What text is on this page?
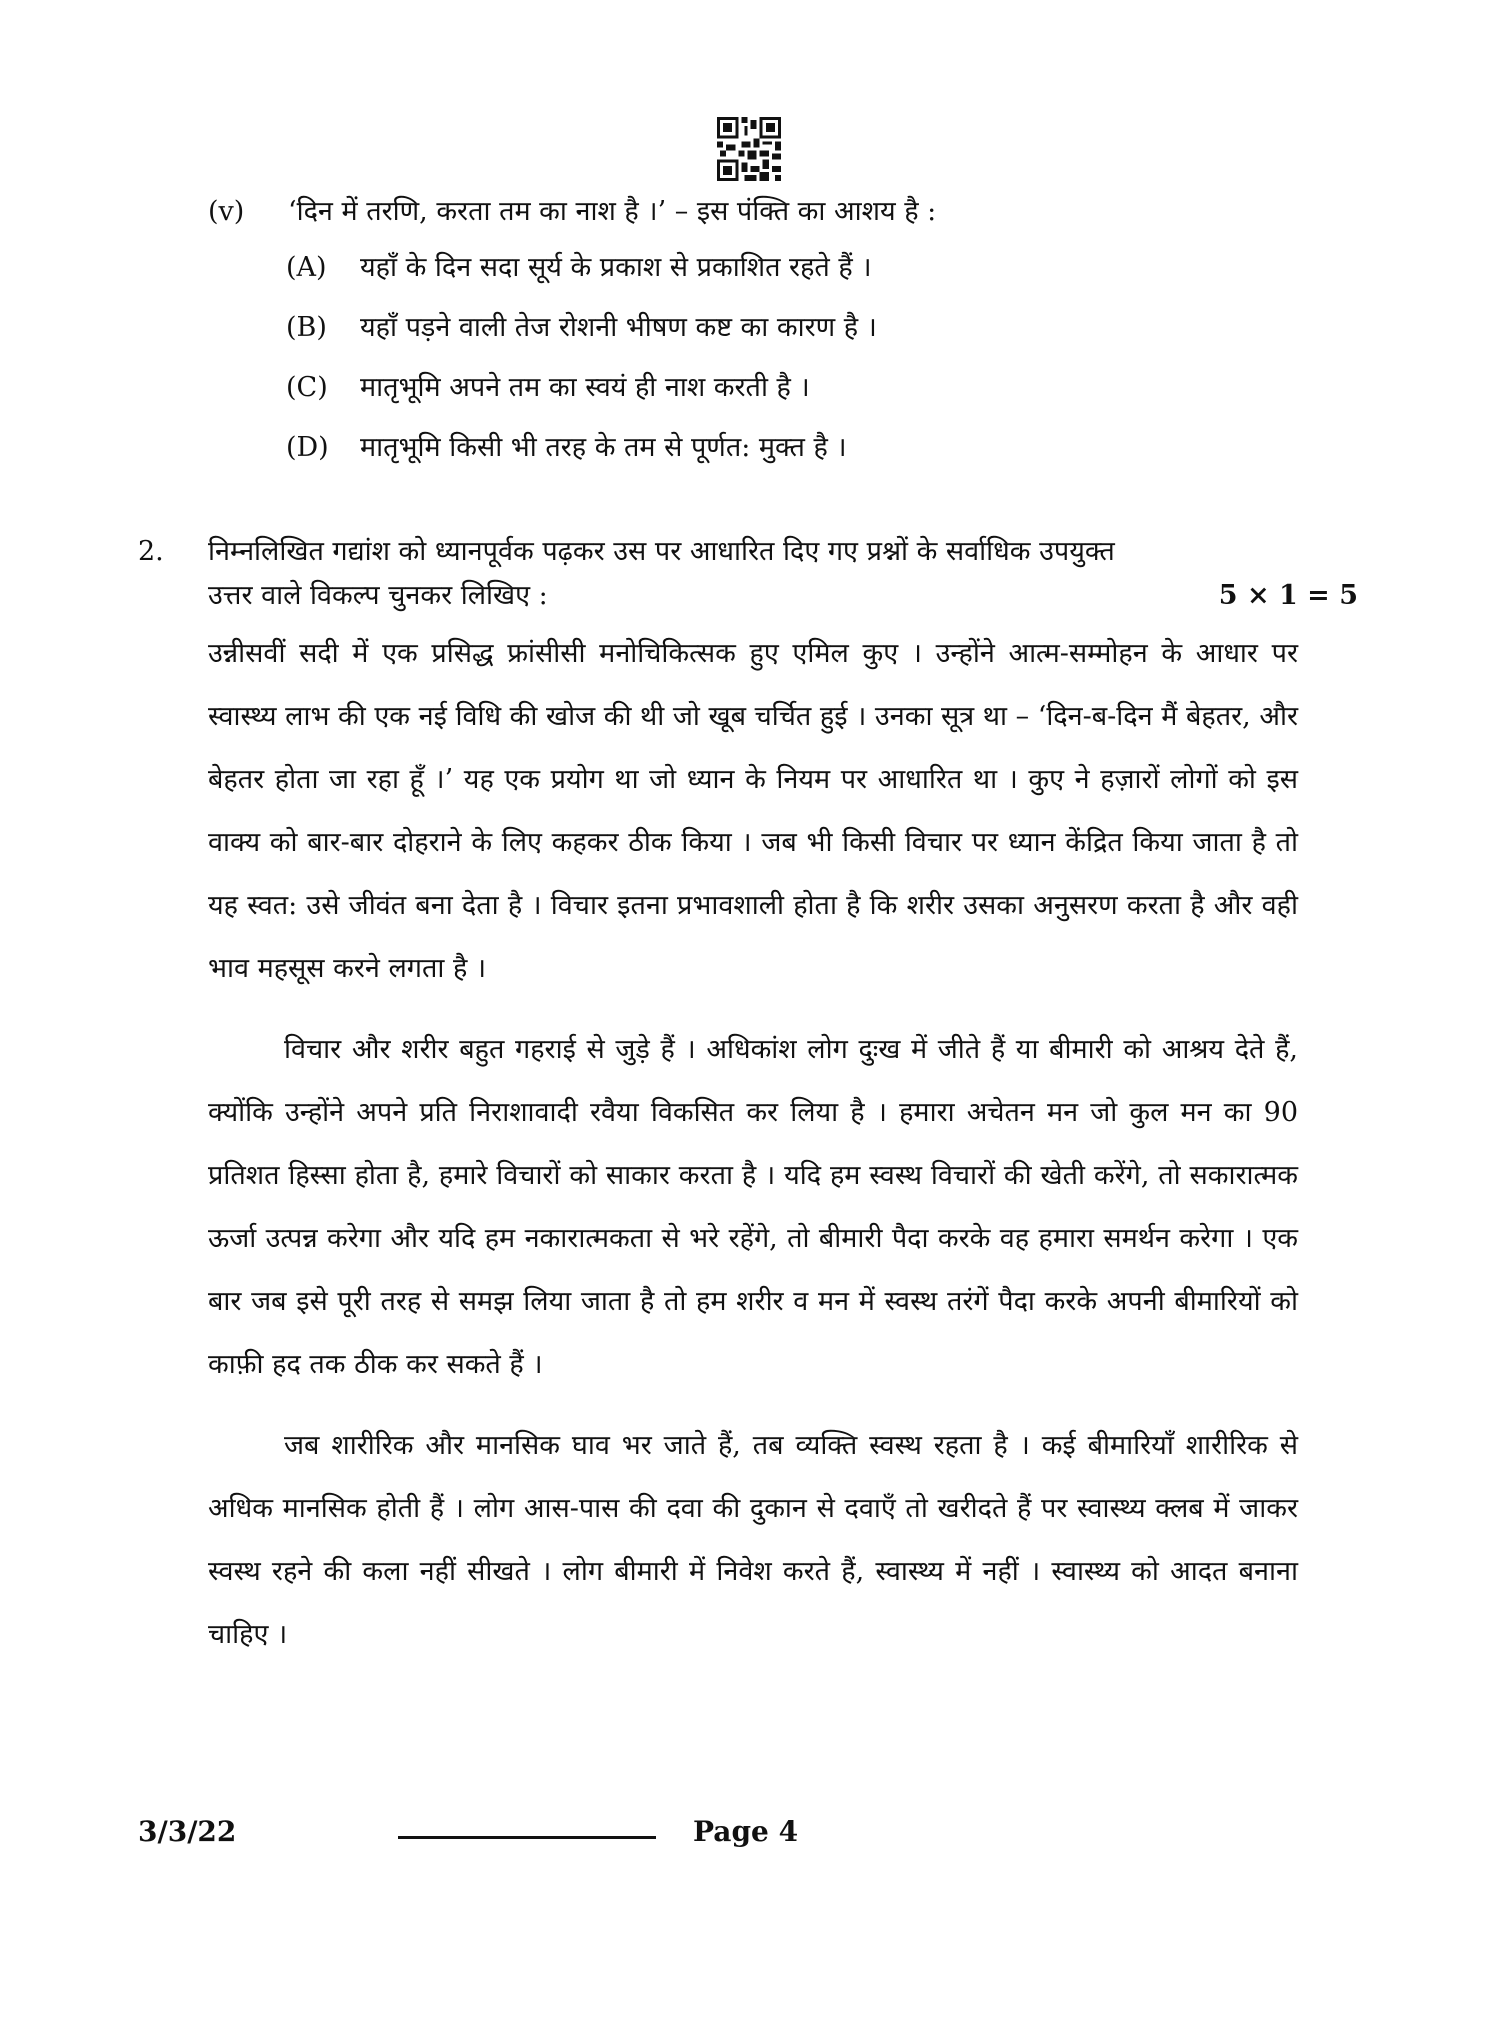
(v) ‘दिन में तरणि, करता तम का नाश है ।’ – इस पंक्ति का आशय है :
(A) यहाँ के दिन सदा सूर्य के प्रकाश से प्रकाशित रहते हैं ।
(B) यहाँ पड़ने वाली तेज रोशनी भीषण कष्ट का कारण है ।
(C) मातृभूमि अपने तम का स्वयं ही नाश करती है ।
(D) मातृभूमि किसी भी तरह के तम से पूर्णत: मुक्त है ।
2. निम्नलिखित गद्यांश को ध्यानपूर्वक पढ़कर उस पर आधारित दिए गए प्रश्नों के सर्वाधिक उपयुक्त
उत्तर वाले विकल्प चुनकर लिखिए :	5 × 1 = 5

उन्नीसवीं सदी में एक प्रसिद्ध फ्रांसीसी मनोचिकित्सक हुए एमिल कुए । उन्होंने आत्म-सम्मोहन के आधार पर स्वास्थ्य लाभ की एक नई विधि की खोज की थी जो खूब चर्चित हुई । उनका सूत्र था – ‘दिन-ब-दिन मैं बेहतर, और बेहतर होता जा रहा हूँ ।’ यह एक प्रयोग था जो ध्यान के नियम पर आधारित था । कुए ने हज़ारों लोगों को इस वाक्य को बार-बार दोहराने के लिए कहकर ठीक किया । जब भी किसी विचार पर ध्यान केंद्रित किया जाता है तो यह स्वत: उसे जीवंत बना देता है । विचार इतना प्रभावशाली होता है कि शरीर उसका अनुसरण करता है और वही भाव महसूस करने लगता है ।

विचार और शरीर बहुत गहराई से जुड़े हैं । अधिकांश लोग दुःख में जीते हैं या बीमारी को आश्रय देते हैं, क्योंकि उन्होंने अपने प्रति निराशावादी रवैया विकसित कर लिया है । हमारा अचेतन मन जो कुल मन का 90 प्रतिशत हिस्सा होता है, हमारे विचारों को साकार करता है । यदि हम स्वस्थ विचारों की खेती करेंगे, तो सकारात्मक ऊर्जा उत्पन्न करेगा और यदि हम नकारात्मकता से भरे रहेंगे, तो बीमारी पैदा करके वह हमारा समर्थन करेगा । एक बार जब इसे पूरी तरह से समझ लिया जाता है तो हम शरीर व मन में स्वस्थ तरंगें पैदा करके अपनी बीमारियों को काफ़ी हद तक ठीक कर सकते हैं ।

जब शारीरिक और मानसिक घाव भर जाते हैं, तब व्यक्ति स्वस्थ रहता है । कई बीमारियाँ शारीरिक से अधिक मानसिक होती हैं । लोग आस-पास की दवा की दुकान से दवाएँ तो खरीदते हैं पर स्वास्थ्य क्लब में जाकर स्वस्थ रहने की कला नहीं सीखते । लोग बीमारी में निवेश करते हैं, स्वास्थ्य में नहीं । स्वास्थ्य को आदत बनाना चाहिए ।

3/3/22	Page 4
